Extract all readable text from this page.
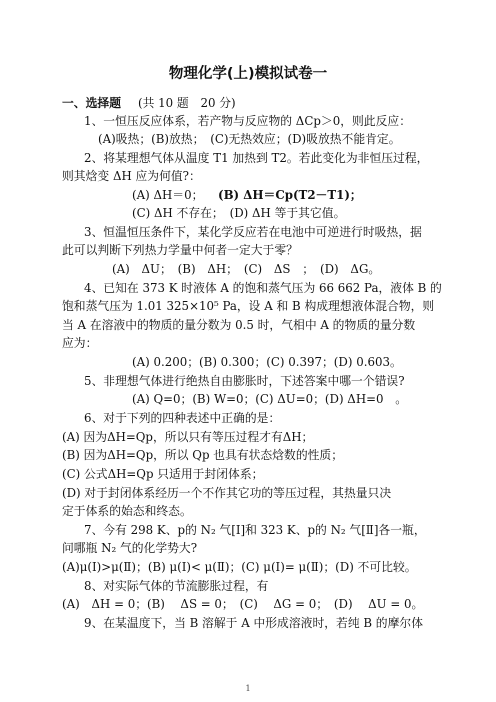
物理化学(上)模拟试卷一
一、选择题 (共 10 题　20 分)
1、一恒压反应体系，若产物与反应物的 ΔCp＞0，则此反应：
(A)吸热；(B)放热；　(C)无热效应；(D)吸放热不能肯定。
2、将某理想气体从温度 T1 加热到 T2。若此变化为非恒压过程，
则其焓变 ΔH 应为何值?：
(A) ΔH＝0； (B) ΔH＝Cp(T2－T1)；
(C) ΔH 不存在；　(D) ΔH 等于其它值。
3、恒温恒压条件下，某化学反应若在电池中可逆进行时吸热，据
此可以判断下列热力学量中何者一定大于零？
(A)　ΔU；　(B)　ΔH；　(C)　ΔS　；　(D)　ΔG。
4、已知在 373 K 时液体 A 的饱和蒸气压为 66 662 Pa，液体 B 的
饱和蒸气压为 1.01 325×10⁵ Pa，设 A 和 B 构成理想液体混合物，则
当 A 在溶液中的物质的量分数为 0.5 时，气相中 A 的物质的量分数
应为：
(A) 0.200；(B) 0.300；(C) 0.397；(D) 0.603。
5、非理想气体进行绝热自由膨胀时，下述答案中哪一个错误?
(A) Q=0；(B) W=0；(C) ΔU=0；(D) ΔH=0　。
6、对于下列的四种表述中正确的是：
(A) 因为ΔH=Qp，所以只有等压过程才有ΔH；
(B) 因为ΔH=Qp，所以 Qp 也具有状态焓数的性质；
(C) 公式ΔH=Qp 只适用于封闭体系；
(D) 对于封闭体系经历一个不作其它功的等压过程，其热量只决
定于体系的始态和终态。
7、今有 298 K、p的 N₂ 气[Ⅰ]和 323 K、p的 N₂ 气[Ⅱ]各一瓶，
问哪瓶 N₂ 气的化学势大?
(A)μ(Ⅰ)>μ(Ⅱ)；(B) μ(Ⅰ)< μ(Ⅱ)；(C) μ(Ⅰ)= μ(Ⅱ)；(D) 不可比较。
8、对实际气体的节流膨胀过程，有
(A)　ΔH = 0；(B)　 ΔS = 0；　(C)　 ΔG = 0；　(D)　 ΔU = 0。
9、在某温度下，当 B 溶解于 A 中形成溶液时，若纯 B 的摩尔体
1
